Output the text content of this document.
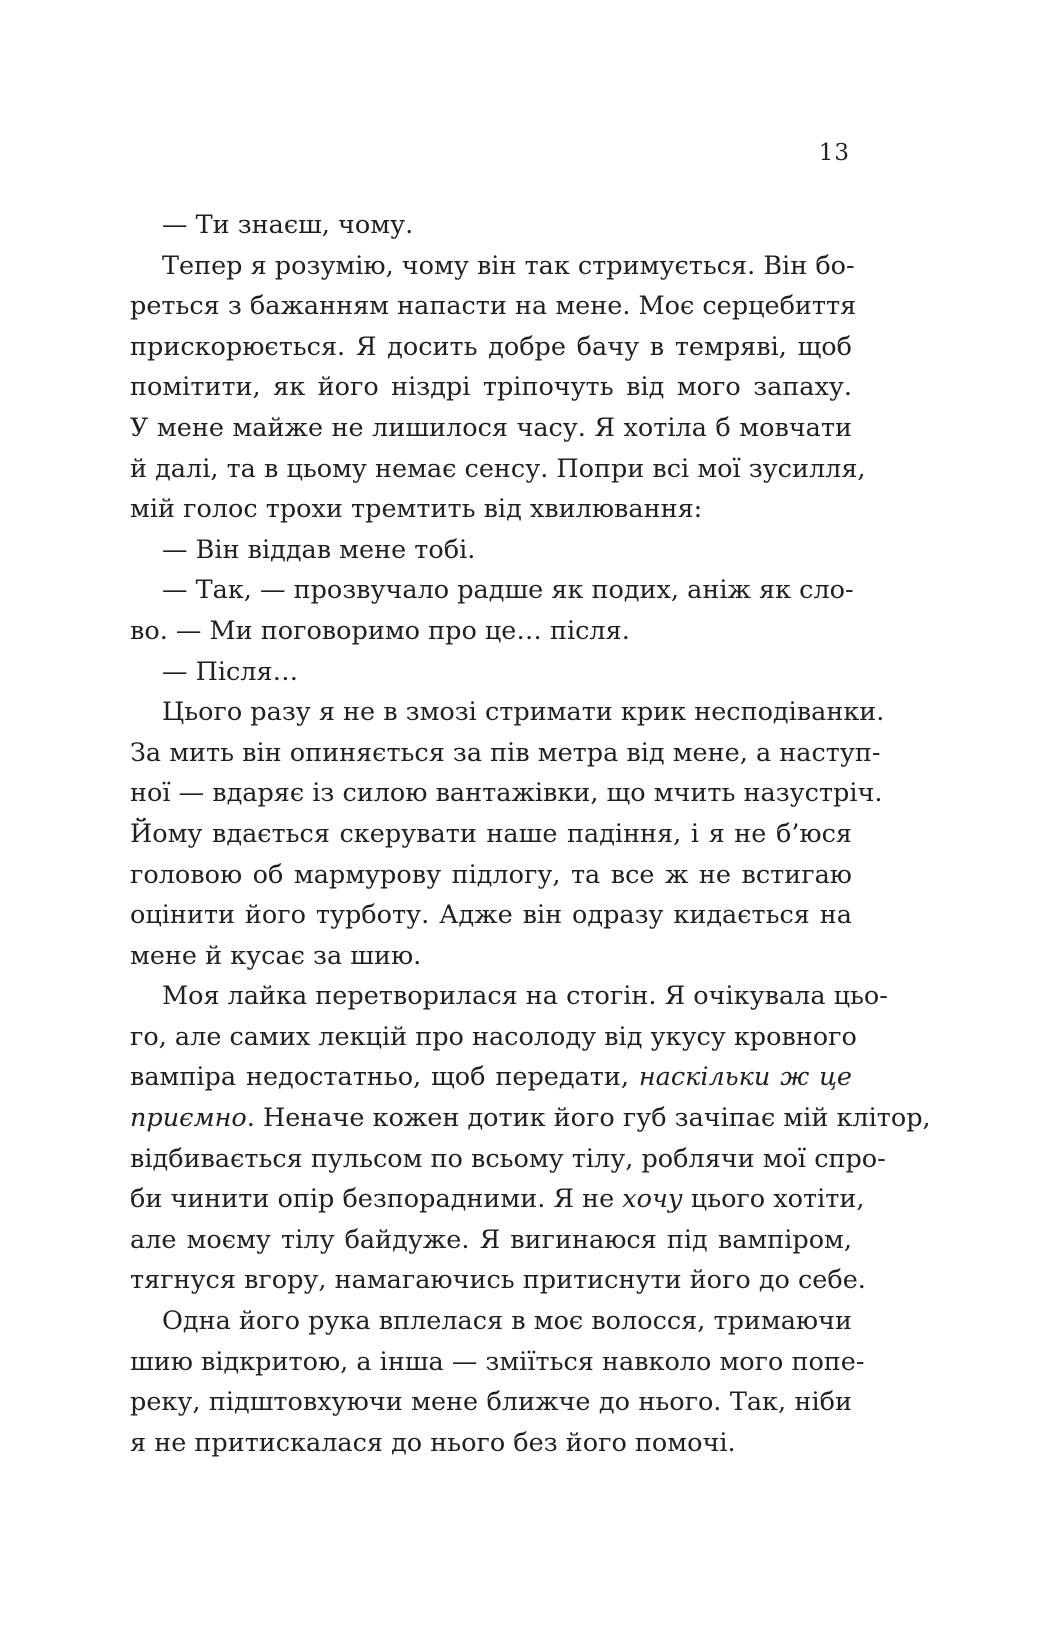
13
— Ти знаєш, чому.
Тепер я розумію, чому він так стримується. Він бо-
реться з бажанням напасти на мене. Моє серцебиття
прискорюється. Я досить добре бачу в темряві, щоб
помітити, як його ніздрі тріпочуть від мого запаху.
У мене майже не лишилося часу. Я хотіла б мовчати
й далі, та в цьому немає сенсу. Попри всі мої зусилля,
мій голос трохи тремтить від хвилювання:
— Він віддав мене тобі.
— Так, — прозвучало радше як подих, аніж як сло-
во. — Ми поговоримо про це… після.
— Після…
Цього разу я не в змозі стримати крик несподіванки.
За мить він опиняється за пів метра від мене, а наступ-
ної — вдаряє із силою вантажівки, що мчить назустріч.
Йому вдається скерувати наше падіння, і я не б’юся
головою об мармурову підлогу, та все ж не встигаю
оцінити його турботу. Адже він одразу кидається на
мене й кусає за шию.
Моя лайка перетворилася на стогін. Я очікувала цьо-
го, але самих лекцій про насолоду від укусу кровного
вампіра недостатньо, щоб передати, наскільки ж це
приємно. Неначе кожен дотик його губ зачіпає мій клітор,
відбивається пульсом по всьому тілу, роблячи мої спро-
би чинити опір безпорадними. Я не хочу цього хотіти,
але моєму тілу байдуже. Я вигинаюся під вампіром,
тягнуся вгору, намагаючись притиснути його до себе.
Одна його рука вплелася в моє волосся, тримаючи
шию відкритою, а інша — зміїться навколо мого попе-
реку, підштовхуючи мене ближче до нього. Так, ніби
я не притискалася до нього без його помочі.
